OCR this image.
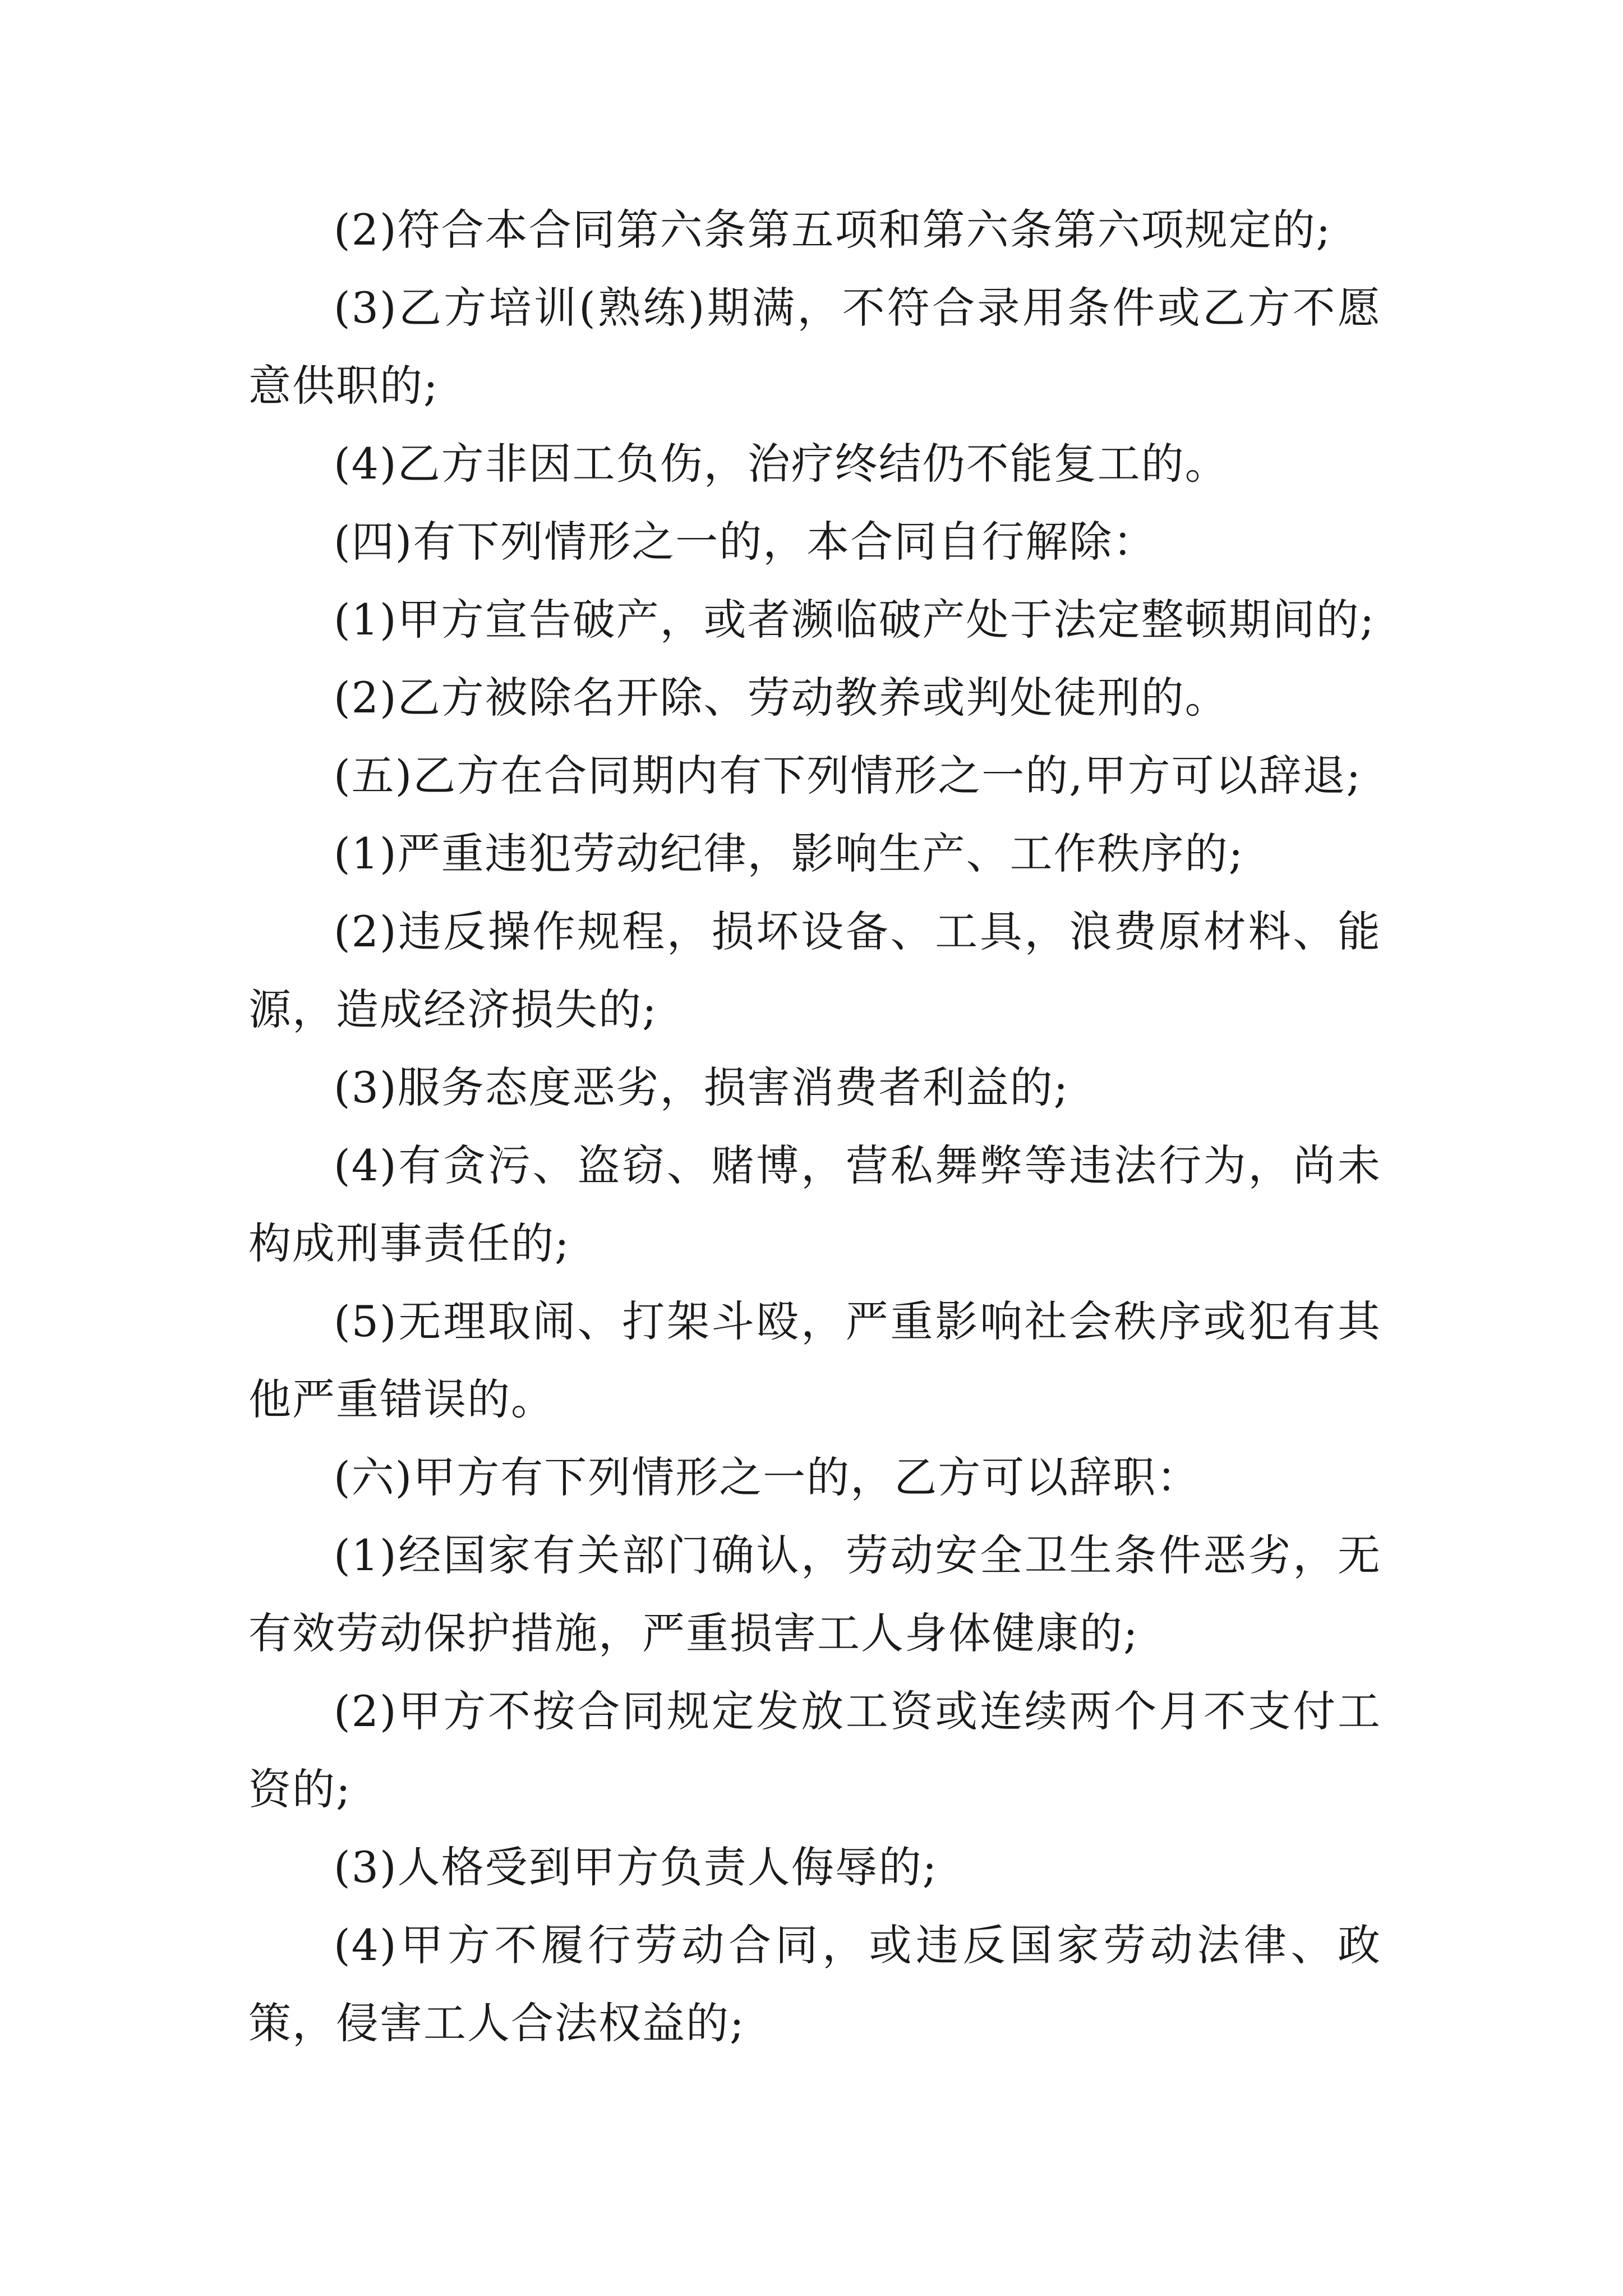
(2)符合本合同第六条第五项和第六条第六项规定的;

(3)乙方培训(熟练)期满，不符合录用条件或乙方不愿意供职的;

(4)乙方非因工负伤，治疗终结仍不能复工的。

(四)有下列情形之一的，本合同自行解除：

(1)甲方宣告破产，或者濒临破产处于法定整顿期间的;

(2)乙方被除名开除、劳动教养或判处徒刑的。

(五)乙方在合同期内有下列情形之一的,甲方可以辞退;

(1)严重违犯劳动纪律，影响生产、工作秩序的;

(2)违反操作规程，损坏设备、工具，浪费原材料、能源，造成经济损失的;

(3)服务态度恶劣，损害消费者利益的;

(4)有贪污、盗窃、赌博，营私舞弊等违法行为，尚未构成刑事责任的;

(5)无理取闹、打架斗殴，严重影响社会秩序或犯有其他严重错误的。

(六)甲方有下列情形之一的，乙方可以辞职：

(1)经国家有关部门确认，劳动安全卫生条件恶劣，无有效劳动保护措施，严重损害工人身体健康的;

(2)甲方不按合同规定发放工资或连续两个月不支付工资的;

(3)人格受到甲方负责人侮辱的;

(4)甲方不履行劳动合同，或违反国家劳动法律、政策，侵害工人合法权益的;
